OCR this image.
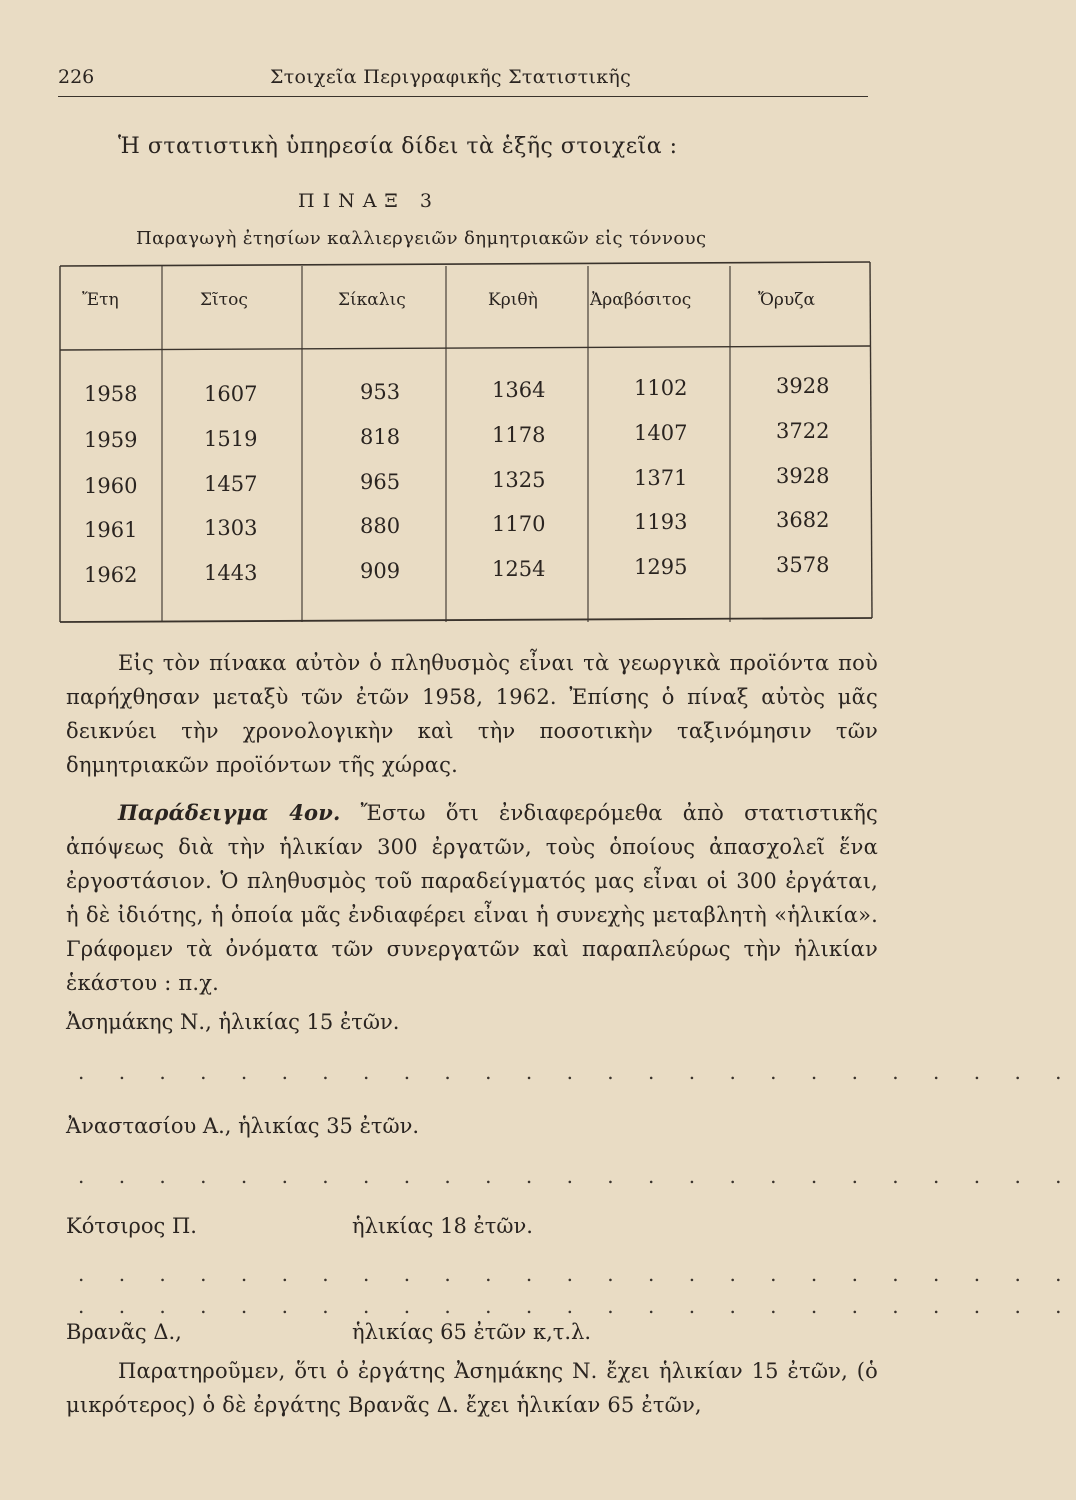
226	Στοιχεῖα Περιγραφικῆς Στατιστικῆς
Ἡ στατιστικὴ ὑπηρεσία δίδει τὰ ἑξῆς στοιχεῖα :
ΠΙΝΑΞ 3
Παραγωγὴ ἐτησίων καλλιεργειῶν δημητριακῶν εἰς τόννους
Ἔτη	Σῖτος	Σίκαλις	Κριθὴ	Ἀραβόσιτος	Ὄρυζα
1958	1607	953	1364	1102	3928
1959	1519	818	1178	1407	3722
1960	1457	965	1325	1371	3928
1961	1303	880	1170	1193	3682
1962	1443	909	1254	1295	3578

Εἰς τὸν πίνακα αὐτὸν ὁ πληθυσμὸς εἶναι τὰ γεωργικὰ προϊόντα ποὺ παρήχθησαν μεταξὺ τῶν ἐτῶν 1958, 1962. Ἐπίσης ὁ πίναξ αὐτὸς μᾶς δεικνύει τὴν χρονολογικὴν καὶ τὴν ποσοτικὴν ταξινόμησιν τῶν δημητριακῶν προϊόντων τῆς χώρας.

Παράδειγμα 4ον. Ἔστω ὅτι ἐνδιαφερόμεθα ἀπὸ στατιστικῆς ἀπόψεως διὰ τὴν ἡλικίαν 300 ἐργατῶν, τοὺς ὁποίους ἀπασχολεῖ ἕνα ἐργοστάσιον. Ὁ πληθυσμὸς τοῦ παραδείγματός μας εἶναι οἱ 300 ἐργάται, ἡ δὲ ἰδιότης, ἡ ὁποία μᾶς ἐνδιαφέρει εἶναι ἡ συνεχὴς μεταβλητὴ «ἡλικία». Γράφομεν τὰ ὀνόματα τῶν συνεργατῶν καὶ παραπλεύρως τὴν ἡλικίαν ἑκάστου : π.χ.

Ἀσημάκης Ν., ἡλικίας 15 ἐτῶν.
. . . . . . . . . . . . . . . . . . . . . . . . .
Ἀναστασίου Α., ἡλικίας 35 ἐτῶν.
. . . . . . . . . . . . . . . . . . . . . . . . .
Κότσιρος Π.	ἡλικίας 18 ἐτῶν.
. . . . . . . . . . . . . . . . . . . . . . . . .
. . . . . . . . . . . . . . . . . . . . . . . . .
Βρανᾶς Δ.,	ἡλικίας 65 ἐτῶν κ,τ.λ.

Παρατηροῦμεν, ὅτι ὁ ἐργάτης Ἀσημάκης Ν. ἔχει ἡλικίαν 15 ἐτῶν, (ὁ μικρότερος) ὁ δὲ ἐργάτης Βρανᾶς Δ. ἔχει ἡλικίαν 65 ἐτῶν,
